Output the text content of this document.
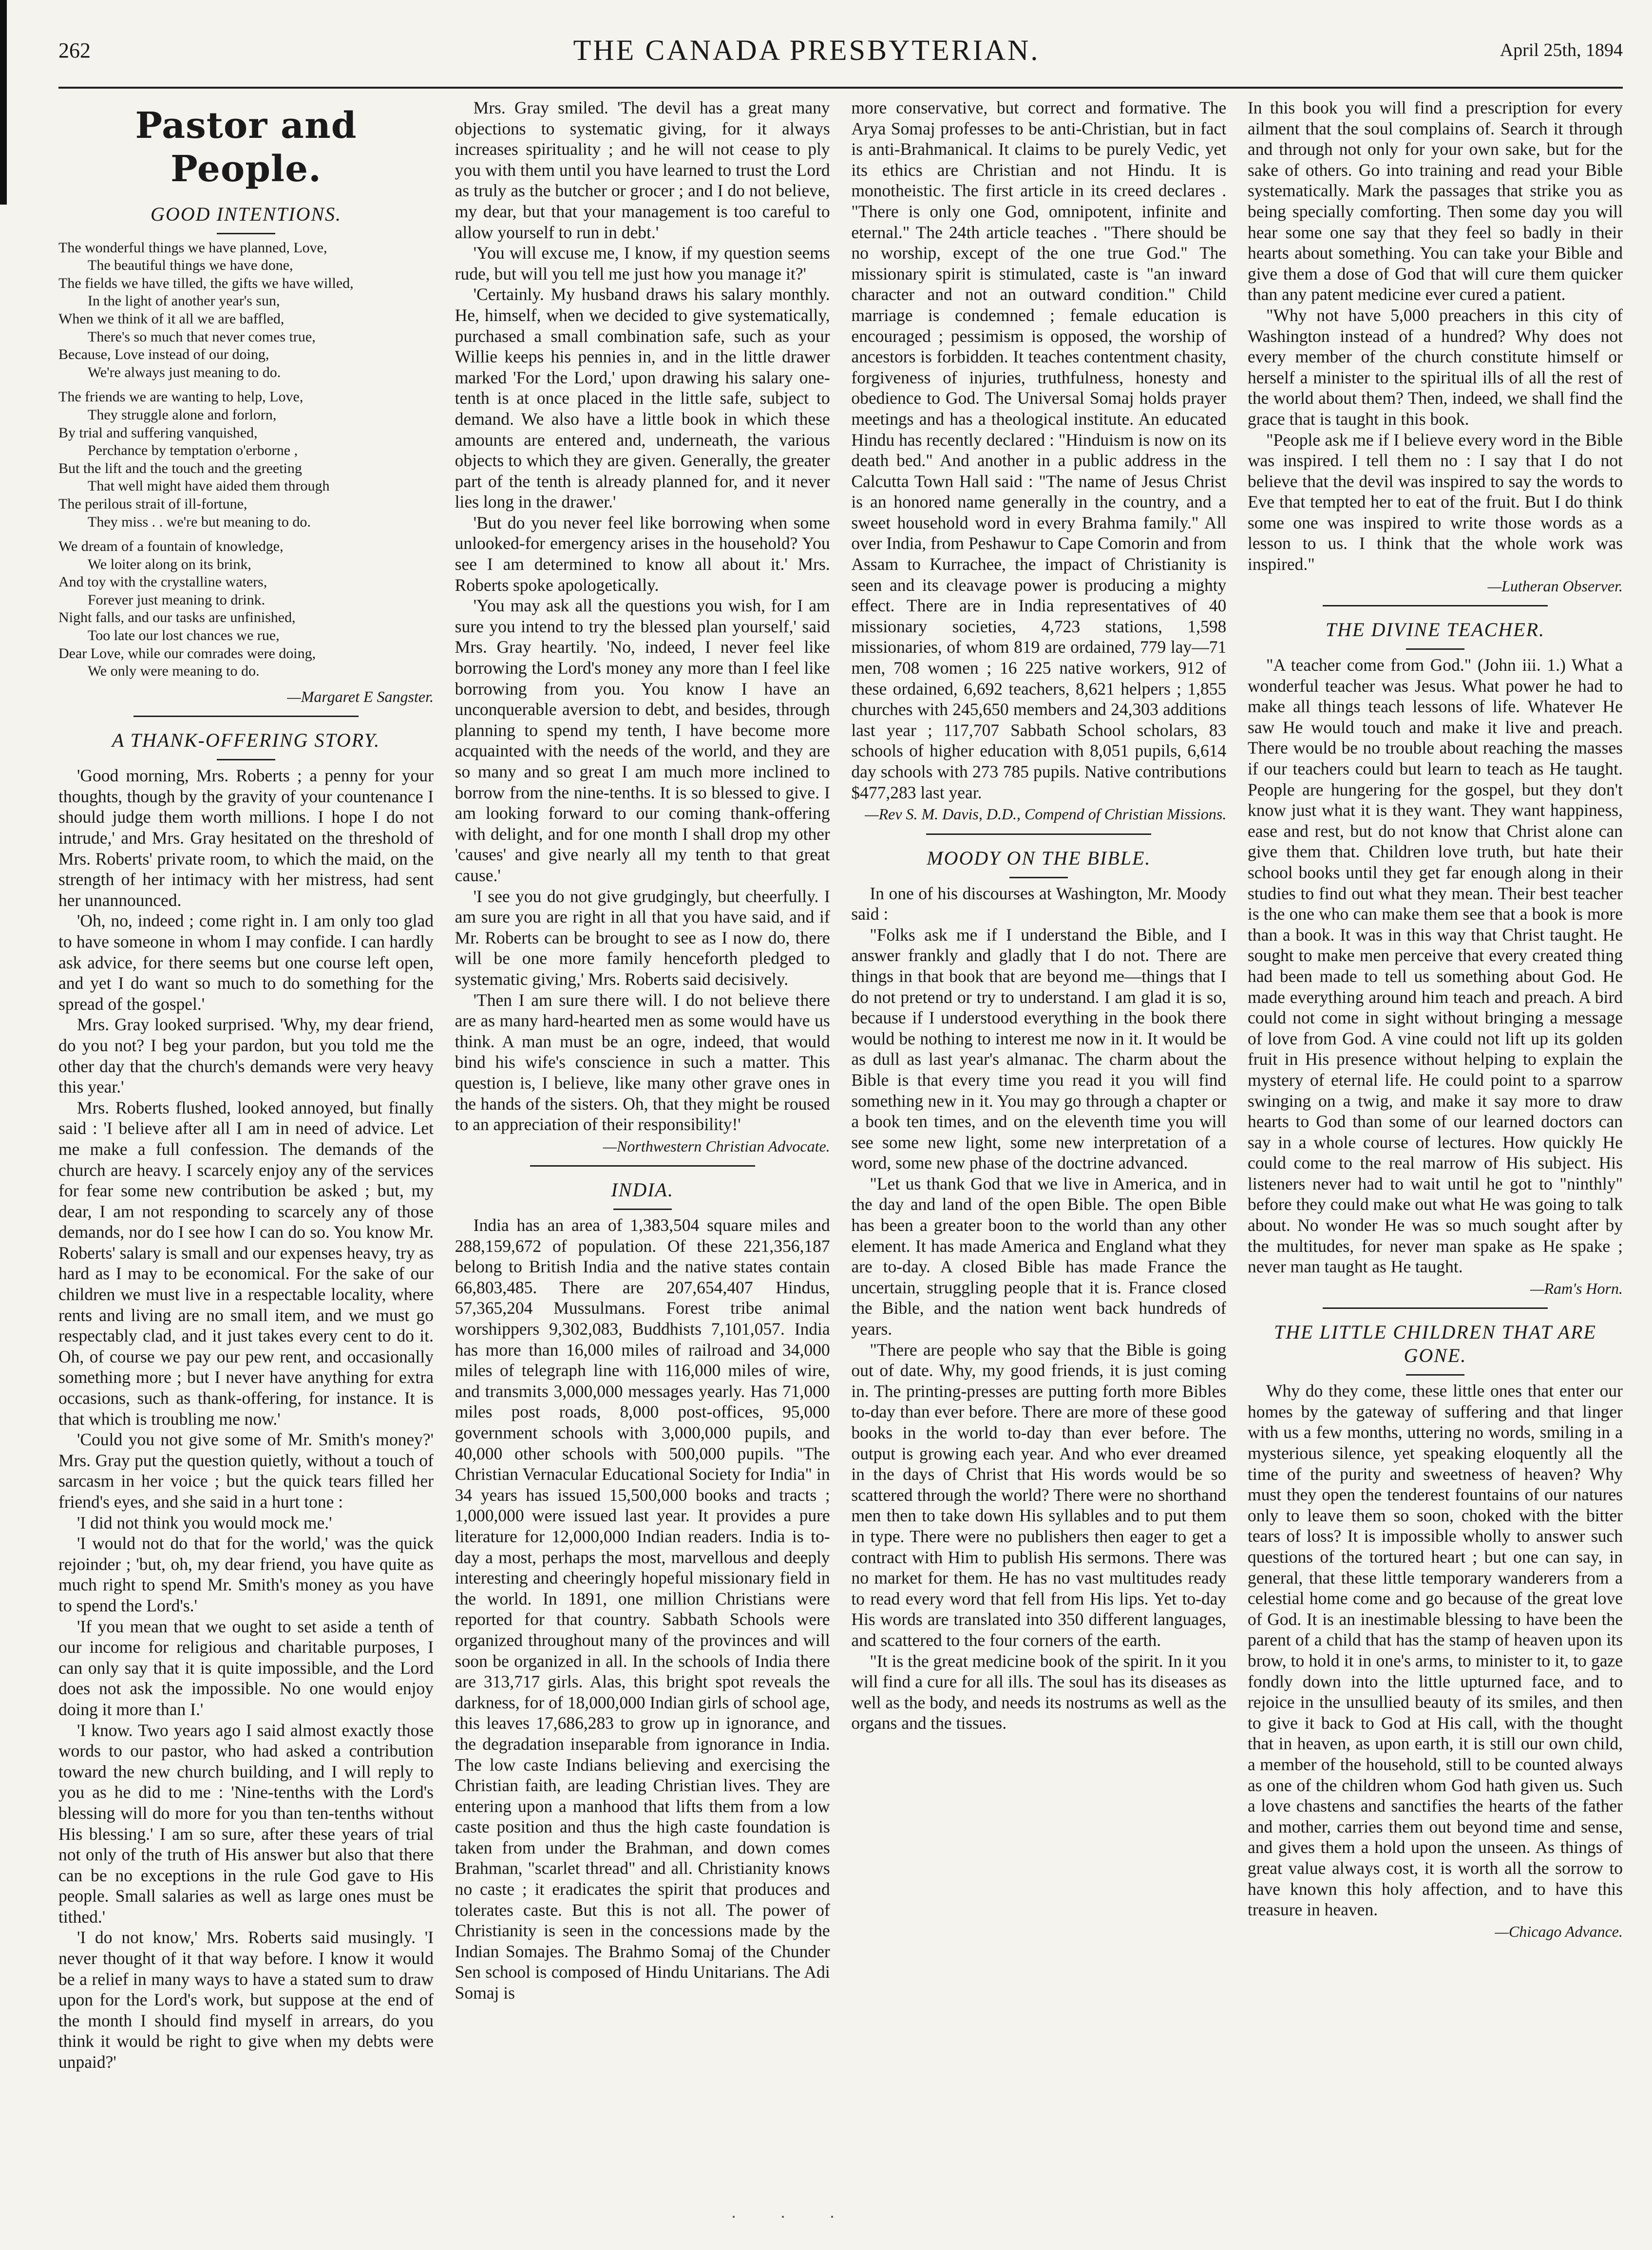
262	THE CANADA PRESBYTERIAN.	April 25th, 1894
Pastor and People.
GOOD INTENTIONS.
The wonderful things we have planned, Love,
The beautiful things we have done,
The fields we have tilled, the gifts we have willed,
In the light of another year's sun,
When we think of it all we are baffled,
There's so much that never comes true,
Because, Love instead of our doing,
We're always just meaning to do.
The friends we are wanting to help, Love,
They struggle alone and forlorn,
By trial and suffering vanquished,
Perchance by temptation o'erborne ,
But the lift and the touch and the greeting
That well might have aided them through
The perilous strait of ill-fortune,
They miss . . we're but meaning to do.
We dream of a fountain of knowledge,
We loiter along on its brink,
And toy with the crystalline waters,
Forever just meaning to drink.
Night falls, and our tasks are unfinished,
Too late our lost chances we rue,
Dear Love, while our comrades were doing,
We only were meaning to do.
—Margaret E Sangster.
A THANK-OFFERING STORY.

'Good morning, Mrs. Roberts ; a penny for your thoughts, though by the gravity of your countenance I should judge them worth millions. I hope I do not intrude,' and Mrs. Gray hesitated on the threshold of Mrs. Roberts' private room, to which the maid, on the strength of her intimacy with her mistress, had sent her unannounced.

'Oh, no, indeed ; come right in. I am only too glad to have someone in whom I may confide. I can hardly ask advice, for there seems but one course left open, and yet I do want so much to do something for the spread of the gospel.'

Mrs. Gray looked surprised. 'Why, my dear friend, do you not? I beg your pardon, but you told me the other day that the church's demands were very heavy this year.'

Mrs. Roberts flushed, looked annoyed, but finally said : 'I believe after all I am in need of advice. Let me make a full confession. The demands of the church are heavy. I scarcely enjoy any of the services for fear some new contribution be asked ; but, my dear, I am not responding to scarcely any of those demands, nor do I see how I can do so. You know Mr. Roberts' salary is small and our expenses heavy, try as hard as I may to be economical. For the sake of our children we must live in a respectable locality, where rents and living are no small item, and we must go respectably clad, and it just takes every cent to do it. Oh, of course we pay our pew rent, and occasionally something more ; but I never have anything for extra occasions, such as thank-offering, for instance. It is that which is troubling me now.'

'Could you not give some of Mr. Smith's money?' Mrs. Gray put the question quietly, without a touch of sarcasm in her voice ; but the quick tears filled her friend's eyes, and she said in a hurt tone :

'I did not think you would mock me.'

'I would not do that for the world,' was the quick rejoinder ; 'but, oh, my dear friend, you have quite as much right to spend Mr. Smith's money as you have to spend the Lord's.'

'If you mean that we ought to set aside a tenth of our income for religious and charitable purposes, I can only say that it is quite impossible, and the Lord does not ask the impossible. No one would enjoy doing it more than I.'

'I know. Two years ago I said almost exactly those words to our pastor, who had asked a contribution toward the new church building, and I will reply to you as he did to me : 'Nine-tenths with the Lord's blessing will do more for you than ten-tenths without His blessing.' I am so sure, after these years of trial not only of the truth of His answer but also that there can be no exceptions in the rule God gave to His people. Small salaries as well as large ones must be tithed.'

'I do not know,' Mrs. Roberts said musingly. 'I never thought of it that way before. I know it would be a relief in many ways to have a stated sum to draw upon for the Lord's work, but suppose at the end of the month I should find myself in arrears, do you think it would be right to give when my debts were unpaid?'

Mrs. Gray smiled. 'The devil has a great many objections to systematic giving, for it always increases spirituality ; and he will not cease to ply you with them until you have learned to trust the Lord as truly as the butcher or grocer ; and I do not believe, my dear, but that your management is too careful to allow yourself to run in debt.'

'You will excuse me, I know, if my question seems rude, but will you tell me just how you manage it?'

'Certainly. My husband draws his salary monthly. He, himself, when we decided to give systematically, purchased a small combination safe, such as your Willie keeps his pennies in, and in the little drawer marked 'For the Lord,' upon drawing his salary one-tenth is at once placed in the little safe, subject to demand. We also have a little book in which these amounts are entered and, underneath, the various objects to which they are given. Generally, the greater part of the tenth is already planned for, and it never lies long in the drawer.'

'But do you never feel like borrowing when some unlooked-for emergency arises in the household? You see I am determined to know all about it.' Mrs. Roberts spoke apologetically.

'You may ask all the questions you wish, for I am sure you intend to try the blessed plan yourself,' said Mrs. Gray heartily. 'No, indeed, I never feel like borrowing the Lord's money any more than I feel like borrowing from you. You know I have an unconquerable aversion to debt, and besides, through planning to spend my tenth, I have become more acquainted with the needs of the world, and they are so many and so great I am much more inclined to borrow from the nine-tenths. It is so blessed to give. I am looking forward to our coming thank-offering with delight, and for one month I shall drop my other 'causes' and give nearly all my tenth to that great cause.'

'I see you do not give grudgingly, but cheerfully. I am sure you are right in all that you have said, and if Mr. Roberts can be brought to see as I now do, there will be one more family henceforth pledged to systematic giving,' Mrs. Roberts said decisively.

'Then I am sure there will. I do not believe there are as many hard-hearted men as some would have us think. A man must be an ogre, indeed, that would bind his wife's conscience in such a matter. This question is, I believe, like many other grave ones in the hands of the sisters. Oh, that they might be roused to an appreciation of their responsibility!'

—Northwestern Christian Advocate.
INDIA.

India has an area of 1,383,504 square miles and 288,159,672 of population. Of these 221,356,187 belong to British India and the native states contain 66,803,485. There are 207,654,407 Hindus, 57,365,204 Mussulmans. Forest tribe animal worshippers 9,302,083, Buddhists 7,101,057. India has more than 16,000 miles of railroad and 34,000 miles of telegraph line with 116,000 miles of wire, and transmits 3,000,000 messages yearly. Has 71,000 miles post roads, 8,000 post-offices, 95,000 government schools with 3,000,000 pupils, and 40,000 other schools with 500,000 pupils. "The Christian Vernacular Educational Society for India" in 34 years has issued 15,500,000 books and tracts ; 1,000,000 were issued last year. It provides a pure literature for 12,000,000 Indian readers. India is to-day a most, perhaps the most, marvellous and deeply interesting and cheeringly hopeful missionary field in the world. In 1891, one million Christians were reported for that country. Sabbath Schools were organized throughout many of the provinces and will soon be organized in all. In the schools of India there are 313,717 girls. Alas, this bright spot reveals the darkness, for of 18,000,000 Indian girls of school age, this leaves 17,686,283 to grow up in ignorance, and the degradation inseparable from ignorance in India. The low caste Indians believing and exercising the Christian faith, are leading Christian lives. They are entering upon a manhood that lifts them from a low caste position and thus the high caste foundation is taken from under the Brahman, and down comes Brahman, "scarlet thread" and all. Christianity knows no caste ; it eradicates the spirit that produces and tolerates caste. But this is not all. The power of Christianity is seen in the concessions made by the Indian Somajes. The Brahmo Somaj of the Chunder Sen school is composed of Hindu Unitarians. The Adi Somaj is

more conservative, but correct and formative. The Arya Somaj professes to be anti-Christian, but in fact is anti-Brahmanical. It claims to be purely Vedic, yet its ethics are Christian and not Hindu. It is monotheistic. The first article in its creed declares . "There is only one God, omnipotent, infinite and eternal." The 24th article teaches . "There should be no worship, except of the one true God." The missionary spirit is stimulated, caste is "an inward character and not an outward condition." Child marriage is condemned ; female education is encouraged ; pessimism is opposed, the worship of ancestors is forbidden. It teaches contentment chasity, forgiveness of injuries, truthfulness, honesty and obedience to God. The Universal Somaj holds prayer meetings and has a theological institute. An educated Hindu has recently declared : "Hinduism is now on its death bed." And another in a public address in the Calcutta Town Hall said : "The name of Jesus Christ is an honored name generally in the country, and a sweet household word in every Brahma family." All over India, from Peshawur to Cape Comorin and from Assam to Kurrachee, the impact of Christianity is seen and its cleavage power is producing a mighty effect. There are in India representatives of 40 missionary societies, 4,723 stations, 1,598 missionaries, of whom 819 are ordained, 779 lay—71 men, 708 women ; 16 225 native workers, 912 of these ordained, 6,692 teachers, 8,621 helpers ; 1,855 churches with 245,650 members and 24,303 additions last year ; 117,707 Sabbath School scholars, 83 schools of higher education with 8,051 pupils, 6,614 day schools with 273 785 pupils. Native contributions $477,283 last year.

—Rev S. M. Davis, D.D., Compend of Christian Missions.
MOODY ON THE BIBLE.

In one of his discourses at Washington, Mr. Moody said :

"Folks ask me if I understand the Bible, and I answer frankly and gladly that I do not. There are things in that book that are beyond me—things that I do not pretend or try to understand. I am glad it is so, because if I understood everything in the book there would be nothing to interest me now in it. It would be as dull as last year's almanac. The charm about the Bible is that every time you read it you will find something new in it. You may go through a chapter or a book ten times, and on the eleventh time you will see some new light, some new interpretation of a word, some new phase of the doctrine advanced.

"Let us thank God that we live in America, and in the day and land of the open Bible. The open Bible has been a greater boon to the world than any other element. It has made America and England what they are to-day. A closed Bible has made France the uncertain, struggling people that it is. France closed the Bible, and the nation went back hundreds of years.

"There are people who say that the Bible is going out of date. Why, my good friends, it is just coming in. The printing-presses are putting forth more Bibles to-day than ever before. There are more of these good books in the world to-day than ever before. The output is growing each year. And who ever dreamed in the days of Christ that His words would be so scattered through the world? There were no shorthand men then to take down His syllables and to put them in type. There were no publishers then eager to get a contract with Him to publish His sermons. There was no market for them. He has no vast multitudes ready to read every word that fell from His lips. Yet to-day His words are translated into 350 different languages, and scattered to the four corners of the earth.

"It is the great medicine book of the spirit. In it you will find a cure for all ills. The soul has its diseases as well as the body, and needs its nostrums as well as the organs and the tissues.

In this book you will find a prescription for every ailment that the soul complains of. Search it through and through not only for your own sake, but for the sake of others. Go into training and read your Bible systematically. Mark the passages that strike you as being specially comforting. Then some day you will hear some one say that they feel so badly in their hearts about something. You can take your Bible and give them a dose of God that will cure them quicker than any patent medicine ever cured a patient.

"Why not have 5,000 preachers in this city of Washington instead of a hundred? Why does not every member of the church constitute himself or herself a minister to the spiritual ills of all the rest of the world about them? Then, indeed, we shall find the grace that is taught in this book.

"People ask me if I believe every word in the Bible was inspired. I tell them no : I say that I do not believe that the devil was inspired to say the words to Eve that tempted her to eat of the fruit. But I do think some one was inspired to write those words as a lesson to us. I think that the whole work was inspired."

—Lutheran Observer.
THE DIVINE TEACHER.

"A teacher come from God." (John iii. 1.) What a wonderful teacher was Jesus. What power he had to make all things teach lessons of life. Whatever He saw He would touch and make it live and preach. There would be no trouble about reaching the masses if our teachers could but learn to teach as He taught. People are hungering for the gospel, but they don't know just what it is they want. They want happiness, ease and rest, but do not know that Christ alone can give them that. Children love truth, but hate their school books until they get far enough along in their studies to find out what they mean. Their best teacher is the one who can make them see that a book is more than a book. It was in this way that Christ taught. He sought to make men perceive that every created thing had been made to tell us something about God. He made everything around him teach and preach. A bird could not come in sight without bringing a message of love from God. A vine could not lift up its golden fruit in His presence without helping to explain the mystery of eternal life. He could point to a sparrow swinging on a twig, and make it say more to draw hearts to God than some of our learned doctors can say in a whole course of lectures. How quickly He could come to the real marrow of His subject. His listeners never had to wait until he got to "ninthly" before they could make out what He was going to talk about. No wonder He was so much sought after by the multitudes, for never man spake as He spake ; never man taught as He taught.

—Ram's Horn.
THE LITTLE CHILDREN THAT ARE GONE.

Why do they come, these little ones that enter our homes by the gateway of suffering and that linger with us a few months, uttering no words, smiling in a mysterious silence, yet speaking eloquently all the time of the purity and sweetness of heaven? Why must they open the tenderest fountains of our natures only to leave them so soon, choked with the bitter tears of loss? It is impossible wholly to answer such questions of the tortured heart ; but one can say, in general, that these little temporary wanderers from a celestial home come and go because of the great love of God. It is an inestimable blessing to have been the parent of a child that has the stamp of heaven upon its brow, to hold it in one's arms, to minister to it, to gaze fondly down into the little upturned face, and to rejoice in the unsullied beauty of its smiles, and then to give it back to God at His call, with the thought that in heaven, as upon earth, it is still our own child, a member of the household, still to be counted always as one of the children whom God hath given us. Such a love chastens and sanctifies the hearts of the father and mother, carries them out beyond time and sense, and gives them a hold upon the unseen. As things of great value always cost, it is worth all the sorrow to have known this holy affection, and to have this treasure in heaven.

—Chicago Advance.
· · ·
